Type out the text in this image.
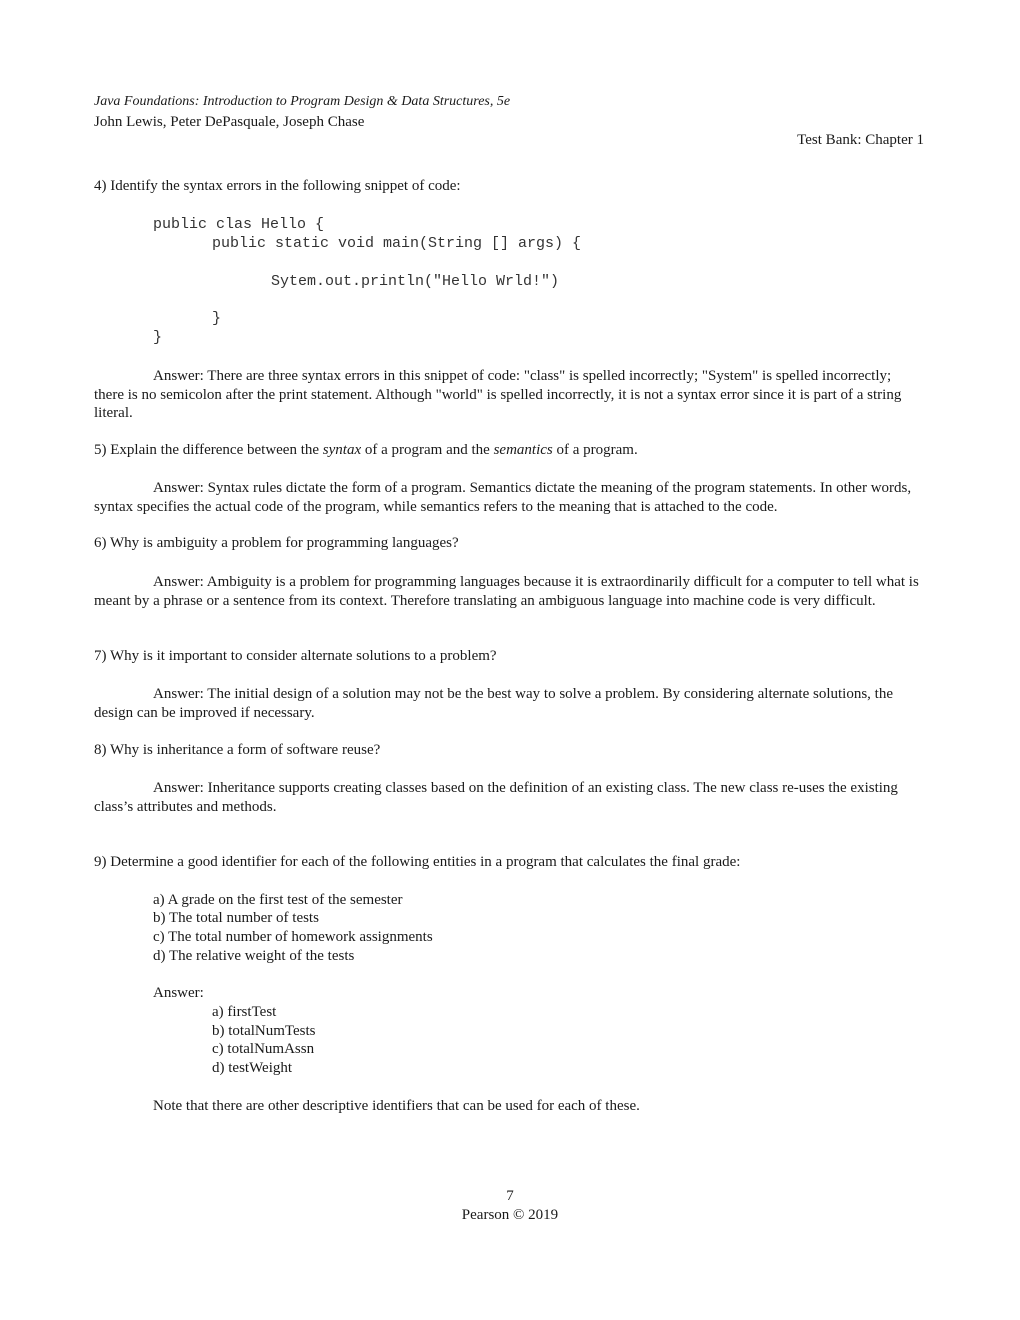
Java Foundations: Introduction to Program Design & Data Structures, 5e
John Lewis, Peter DePasquale, Joseph Chase
Test Bank: Chapter 1
4) Identify the syntax errors in the following snippet of code:
public clas Hello {
public static void main(String [] args) {
Sytem.out.println("Hello Wrld!")
}
}

Answer: There are three syntax errors in this snippet of code: "class" is spelled incorrectly; "System" is spelled incorrectly; there is no semicolon after the print statement. Although "world" is spelled incorrectly, it is not a syntax error since it is part of a string literal.

5) Explain the difference between the syntax of a program and the semantics of a program.

Answer: Syntax rules dictate the form of a program. Semantics dictate the meaning of the program statements. In other words, syntax specifies the actual code of the program, while semantics refers to the meaning that is attached to the code.

6) Why is ambiguity a problem for programming languages?

Answer: Ambiguity is a problem for programming languages because it is extraordinarily difficult for a computer to tell what is meant by a phrase or a sentence from its context. Therefore translating an ambiguous language into machine code is very difficult.

7) Why is it important to consider alternate solutions to a problem?

Answer: The initial design of a solution may not be the best way to solve a problem. By considering alternate solutions, the design can be improved if necessary.

8) Why is inheritance a form of software reuse?

Answer: Inheritance supports creating classes based on the definition of an existing class. The new class re-uses the existing class’s attributes and methods.

9) Determine a good identifier for each of the following entities in a program that calculates the final grade:
a) A grade on the first test of the semester
b) The total number of tests
c) The total number of homework assignments
d) The relative weight of the tests
Answer:
a) firstTest
b) totalNumTests
c) totalNumAssn
d) testWeight
Note that there are other descriptive identifiers that can be used for each of these.
7
Pearson © 2019
